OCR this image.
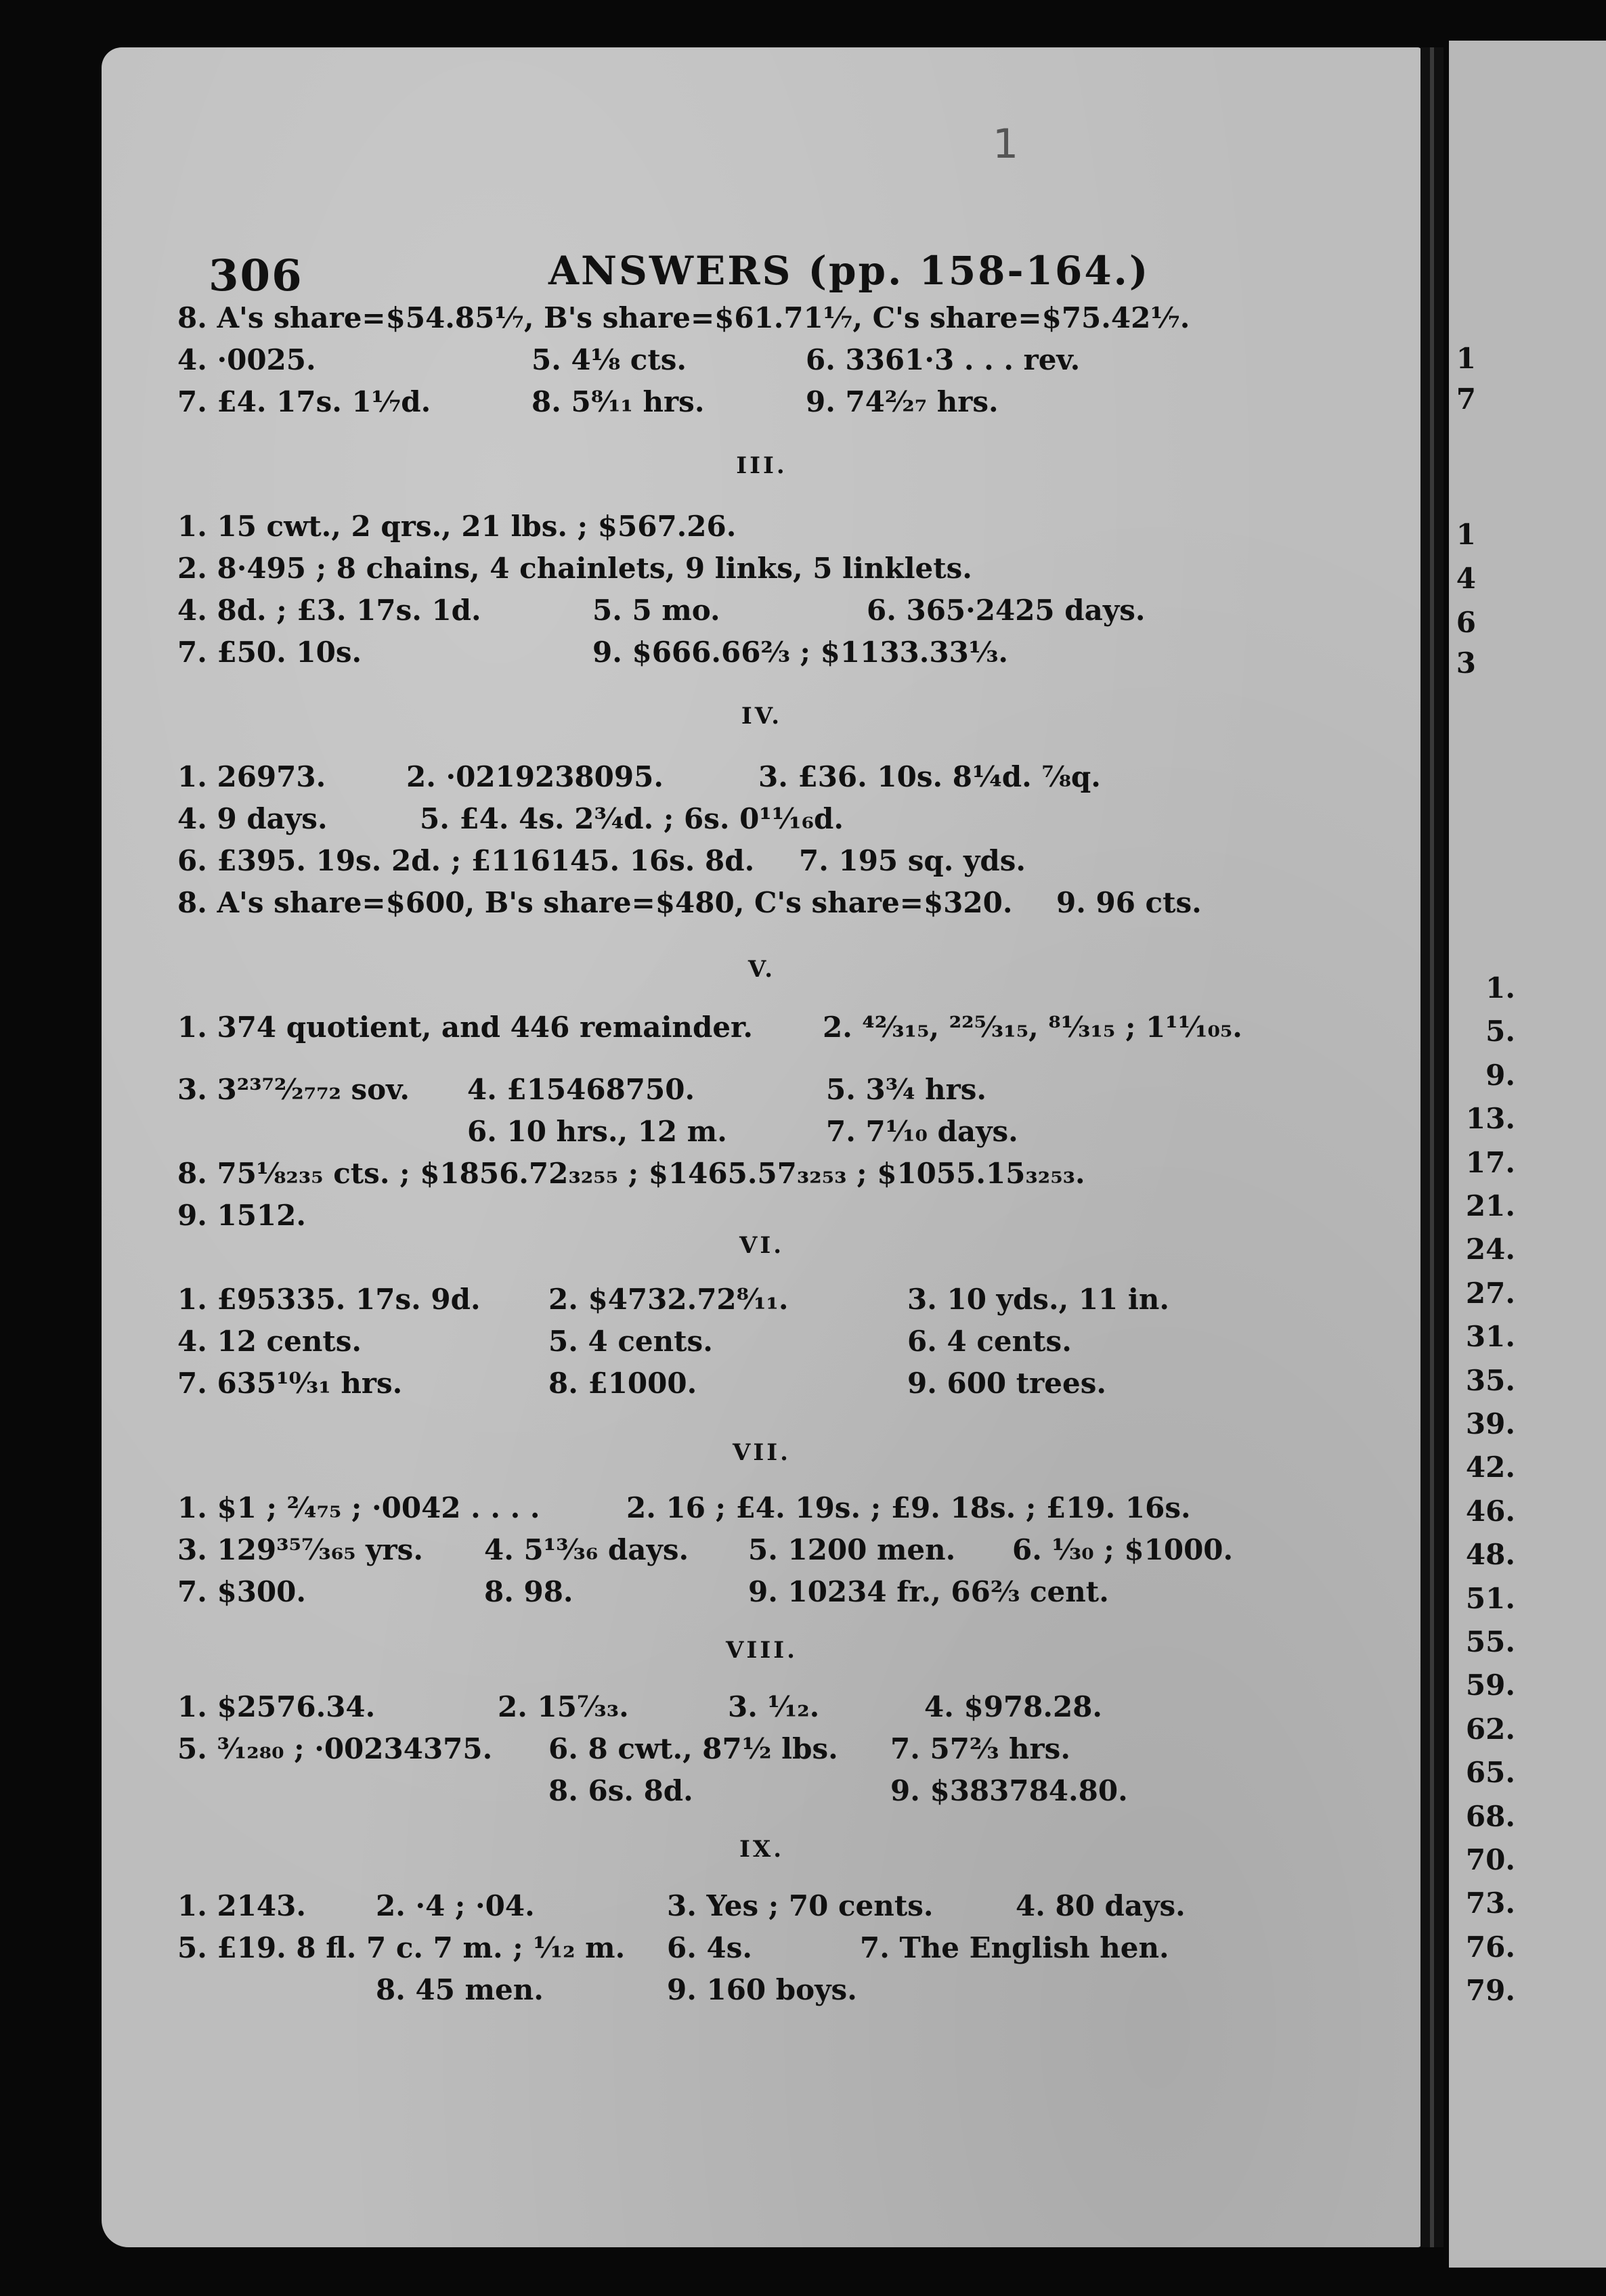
1
306	ANSWERS (pp. 158-164.)
III.
IV.
V.
VI.
VII.
VIII.
IX.
8. A's share=$54.85⅐, B's share=$61.71⅐, C's share=$75.42⅐.
4. ·0025.	5. 4⅛ cts.	6. 3361·3 . . . rev.
7. £4. 17s. 1⅐d.	8. 5⁸⁄₁₁ hrs.	9. 74²⁄₂₇ hrs.
1. 15 cwt., 2 qrs., 21 lbs. ; $567.26.
2. 8·495 ; 8 chains, 4 chainlets, 9 links, 5 linklets.
4. 8d. ; £3. 17s. 1d.	5. 5 mo.	6. 365·2425 days.
7. £50. 10s.	9. $666.66⅔ ; $1133.33⅓.
1. 26973.	2. ·0219238095.	3. £36. 10s. 8¼d. ⅞q.
4. 9 days.	5. £4. 4s. 2¾d. ; 6s. 0¹¹⁄₁₆d.
6. £395. 19s. 2d. ; £116145. 16s. 8d. 7. 195 sq. yds.
8. A's share=$600, B's share=$480, C's share=$320. 9. 96 cts.
1. 374 quotient, and 446 remainder. 2. ⁴²⁄₃₁₅, ²²⁵⁄₃₁₅, ⁸¹⁄₃₁₅ ; 1¹¹⁄₁₀₅.
3. 3²³⁷²⁄₂₇₇₂ sov. 4. £15468750.	5. 3¾ hrs.
6. 10 hrs., 12 m.	7. 7¹⁄₁₀ days.
8. 75⅛₂₃₅ cts. ; $1856.72₃₂₅₅ ; $1465.57₃₂₅₃ ; $1055.15₃₂₅₃.
9. 1512.
1. £95335. 17s. 9d. 2. $4732.72⁸⁄₁₁.	3. 10 yds., 11 in.
4. 12 cents.	5. 4 cents.	6. 4 cents.
7. 635¹⁰⁄₃₁ hrs.	8. £1000.	9. 600 trees.
1. $1 ; ²⁄₄₇₅ ; ·0042 . . . .	2. 16 ; £4. 19s. ; £9. 18s. ; £19. 16s.
3. 129³⁵⁷⁄₃₆₅ yrs. 4. 5¹³⁄₃₆ days. 5. 1200 men. 6. ¹⁄₃₀ ; $1000.
7. $300.	8. 98.	9. 10234 fr., 66⅔ cent.
1. $2576.34.	2. 15⁷⁄₃₃.	3. ¹⁄₁₂.	4. $978.28.
5. ³⁄₁₂₈₀ ; ·00234375. 6. 8 cwt., 87½ lbs. 7. 57⅔ hrs.
8. 6s. 8d.	9. $383784.80.
1. 2143. 2. ·4 ; ·04.	3. Yes ; 70 cents.	4. 80 days.
5. £19. 8 fl. 7 c. 7 m. ; ¹⁄₁₂ m. 6. 4s.	7. The English hen.
8. 45 men.	9. 160 boys.
1
7
1
4
6
3
1.
5.
9.
13.
17.
21.
24.
27.
31.
35.
39.
42.
46.
48.
51.
55.
59.
62.
65.
68.
70.
73.
76.
79.
